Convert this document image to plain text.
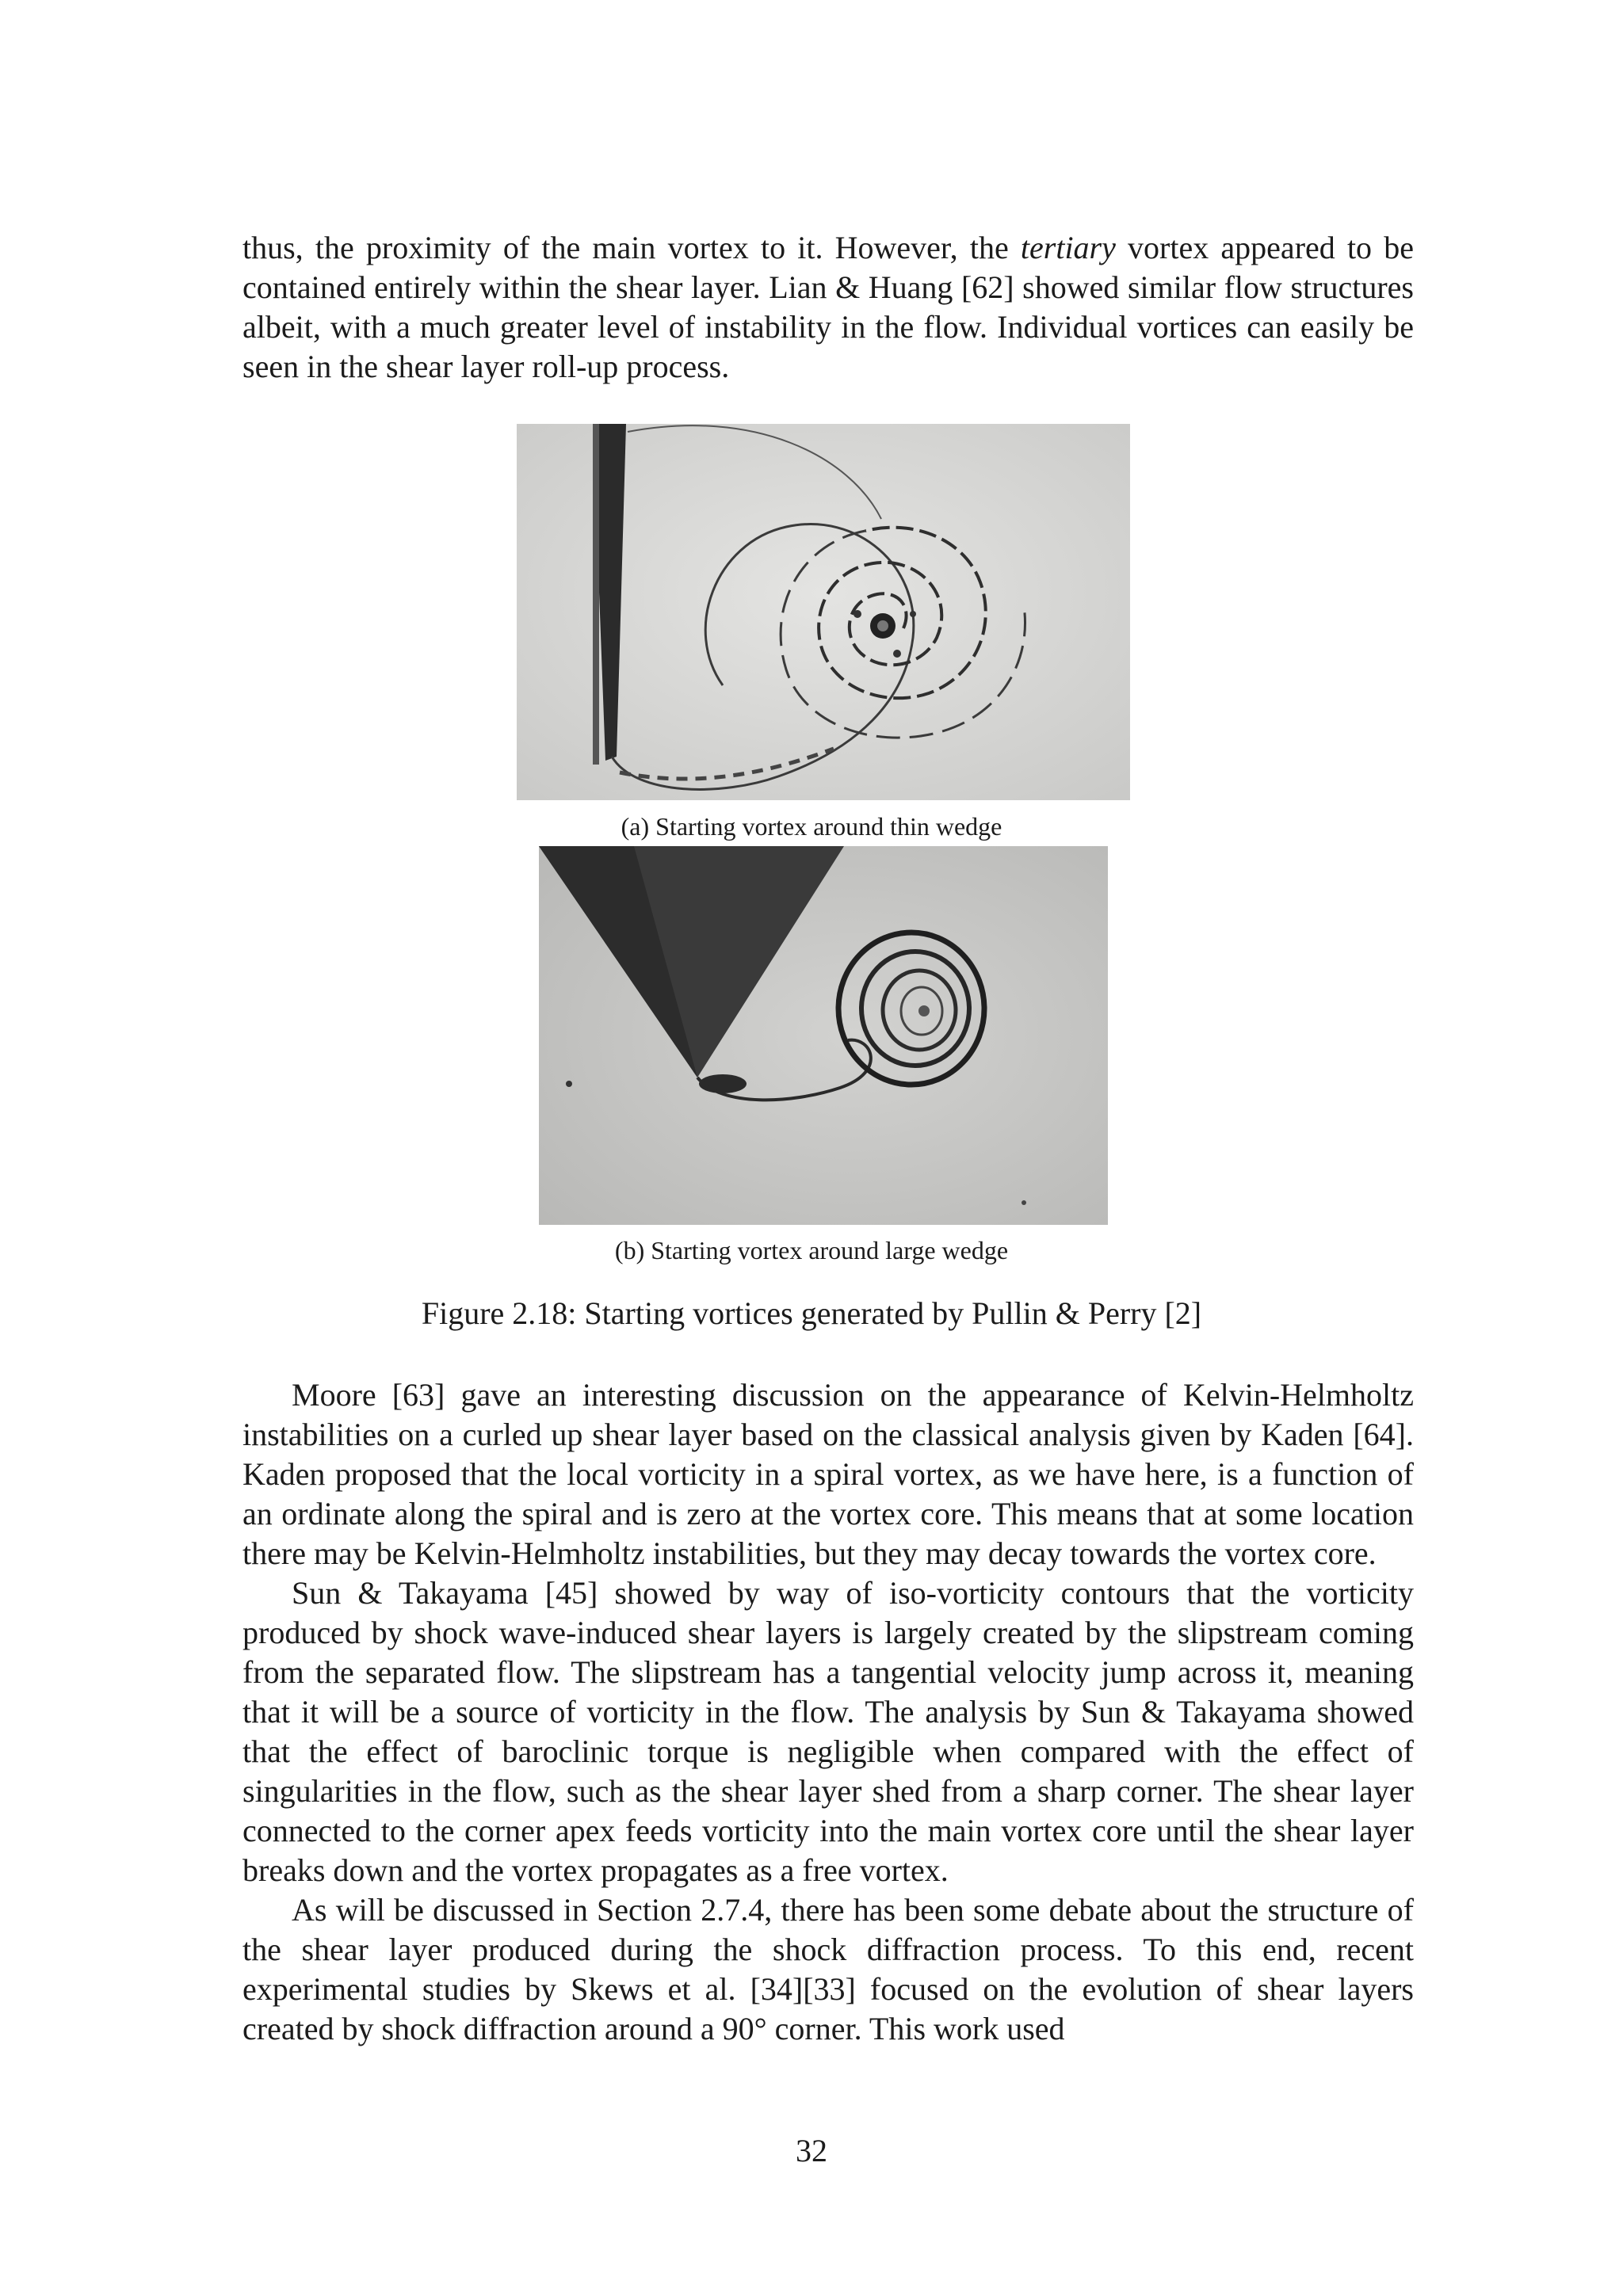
thus, the proximity of the main vortex to it. However, the tertiary vortex appeared to be contained entirely within the shear layer. Lian & Huang [62] showed similar flow structures albeit, with a much greater level of instability in the flow. Individual vortices can easily be seen in the shear layer roll-up process.

(a) Starting vortex around thin wedge
(b) Starting vortex around large wedge
Figure 2.18: Starting vortices generated by Pullin & Perry [2]

Moore [63] gave an interesting discussion on the appearance of Kelvin-Helmholtz instabilities on a curled up shear layer based on the classical analysis given by Kaden [64]. Kaden proposed that the local vorticity in a spiral vortex, as we have here, is a function of an ordinate along the spiral and is zero at the vortex core. This means that at some location there may be Kelvin-Helmholtz instabilities, but they may decay towards the vortex core.

Sun & Takayama [45] showed by way of iso-vorticity contours that the vorticity produced by shock wave-induced shear layers is largely created by the slipstream coming from the separated flow. The slipstream has a tangential velocity jump across it, meaning that it will be a source of vorticity in the flow. The analysis by Sun & Takayama showed that the effect of baroclinic torque is negligible when compared with the effect of singularities in the flow, such as the shear layer shed from a sharp corner. The shear layer connected to the corner apex feeds vorticity into the main vortex core until the shear layer breaks down and the vortex propagates as a free vortex.

As will be discussed in Section 2.7.4, there has been some debate about the structure of the shear layer produced during the shock diffraction process. To this end, recent experimental studies by Skews et al. [34][33] focused on the evolution of shear layers created by shock diffraction around a 90° corner. This work used

32
